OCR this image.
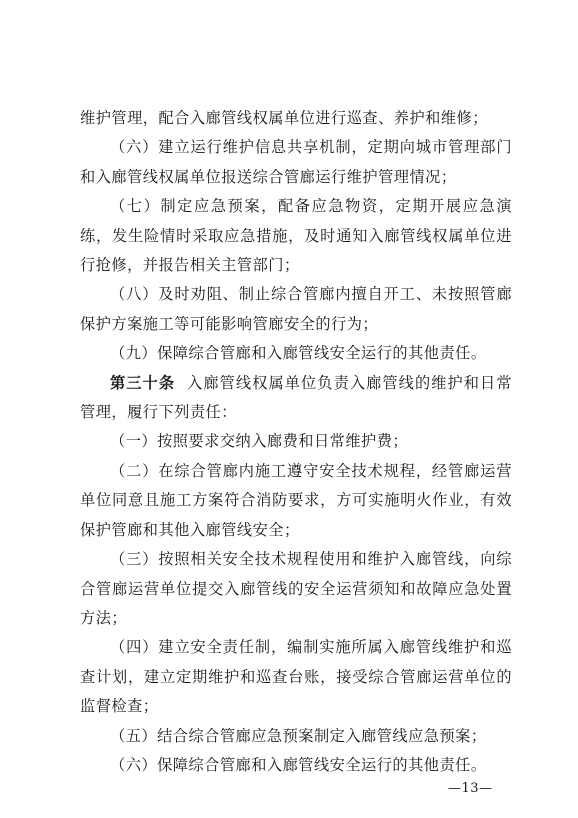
维护管理，配合入廊管线权属单位进行巡查、养护和维修；

（六）建立运行维护信息共享机制，定期向城市管理部门和入廊管线权属单位报送综合管廊运行维护管理情况；

（七）制定应急预案，配备应急物资，定期开展应急演练，发生险情时采取应急措施，及时通知入廊管线权属单位进行抢修，并报告相关主管部门；

（八）及时劝阻、制止综合管廊内擅自开工、未按照管廊保护方案施工等可能影响管廊安全的行为；

（九）保障综合管廊和入廊管线安全运行的其他责任。

第三十条 入廊管线权属单位负责入廊管线的维护和日常管理，履行下列责任：

（一）按照要求交纳入廊费和日常维护费；

（二）在综合管廊内施工遵守安全技术规程，经管廊运营单位同意且施工方案符合消防要求，方可实施明火作业，有效保护管廊和其他入廊管线安全；

（三）按照相关安全技术规程使用和维护入廊管线，向综合管廊运营单位提交入廊管线的安全运营须知和故障应急处置方法；

（四）建立安全责任制，编制实施所属入廊管线维护和巡查计划，建立定期维护和巡查台账，接受综合管廊运营单位的监督检查；

（五）结合综合管廊应急预案制定入廊管线应急预案；

（六）保障综合管廊和入廊管线安全运行的其他责任。

—13—
